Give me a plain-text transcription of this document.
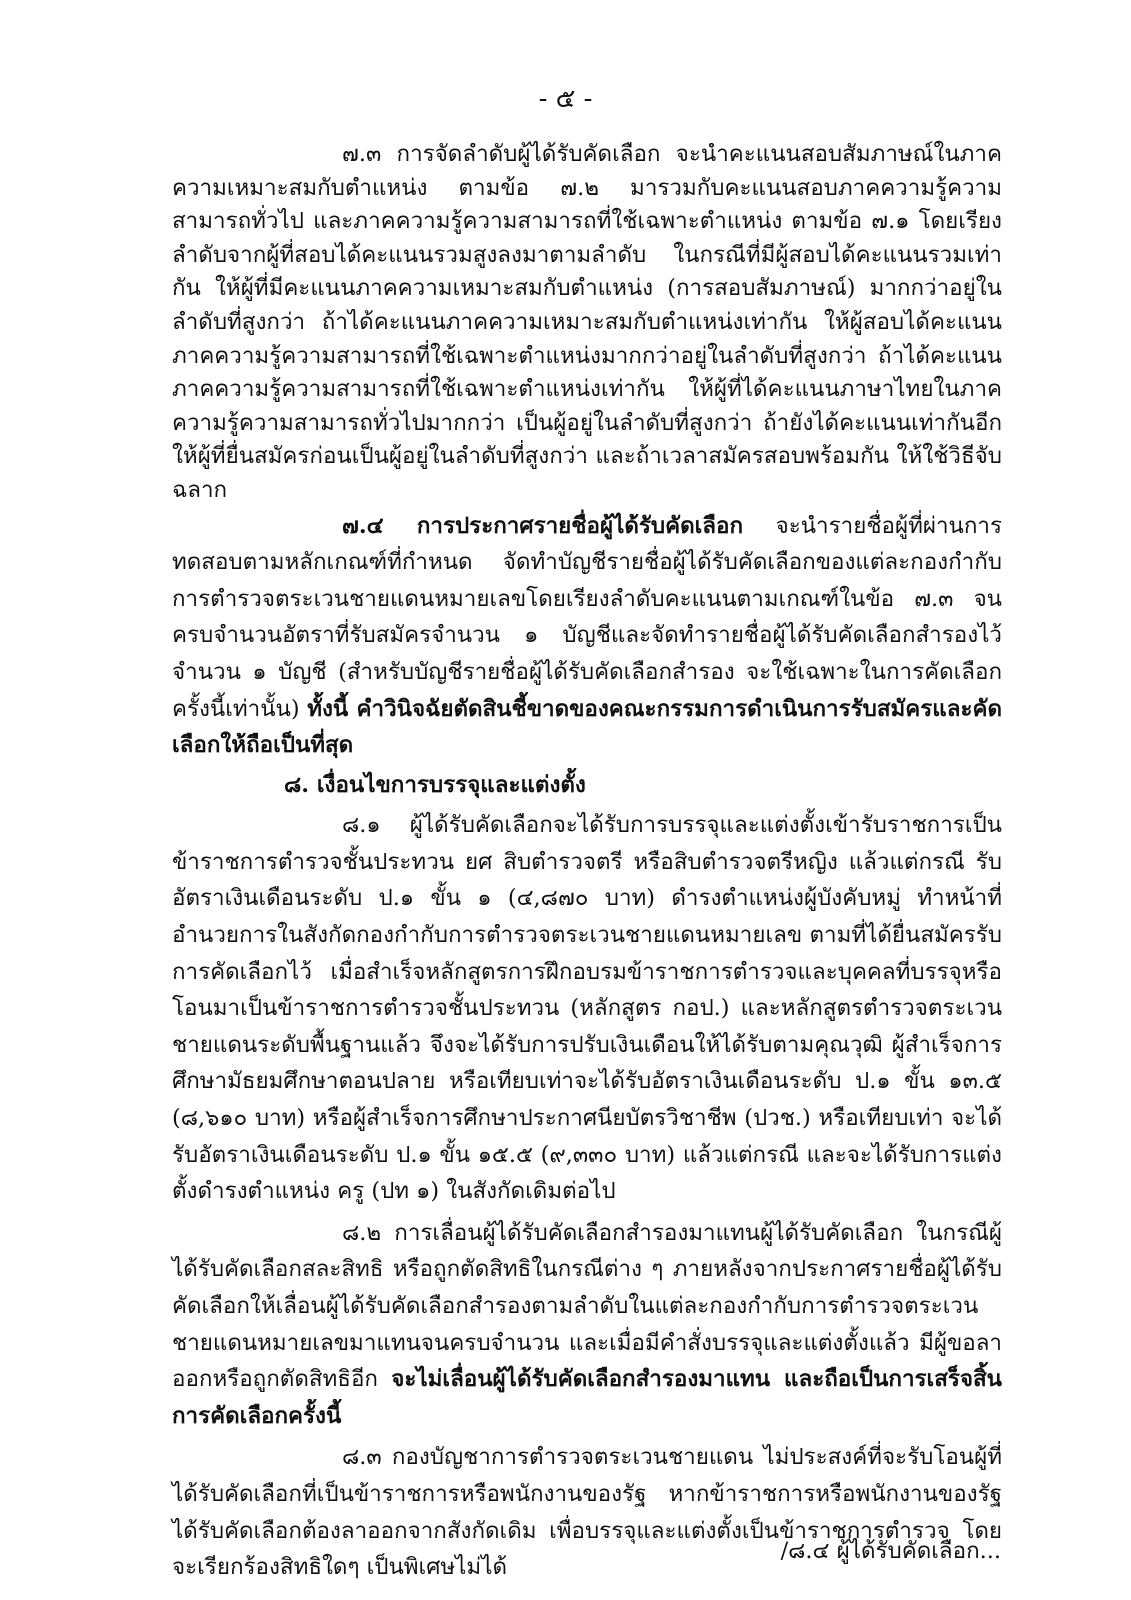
- ๕ -

๗.๓ การจัดลำดับผู้ได้รับคัดเลือก จะนำคะแนนสอบสัมภาษณ์ในภาคความเหมาะสมกับตำแหน่ง ตามข้อ ๗.๒ มารวมกับคะแนนสอบภาคความรู้ความสามารถทั่วไป และภาคความรู้ความสามารถที่ใช้เฉพาะตำแหน่ง ตามข้อ ๗.๑ โดยเรียงลำดับจากผู้ที่สอบได้คะแนนรวมสูงลงมาตามลำดับ ในกรณีที่มีผู้สอบได้คะแนนรวมเท่ากัน ให้ผู้ที่มีคะแนนภาคความเหมาะสมกับตำแหน่ง (การสอบสัมภาษณ์) มากกว่าอยู่ในลำดับที่สูงกว่า ถ้าได้คะแนนภาคความเหมาะสมกับตำแหน่งเท่ากัน ให้ผู้สอบได้คะแนนภาคความรู้ความสามารถที่ใช้เฉพาะตำแหน่งมากกว่าอยู่ในลำดับที่สูงกว่า ถ้าได้คะแนนภาคความรู้ความสามารถที่ใช้เฉพาะตำแหน่งเท่ากัน ให้ผู้ที่ได้คะแนนภาษาไทยในภาคความรู้ความสามารถทั่วไปมากกว่า เป็นผู้อยู่ในลำดับที่สูงกว่า ถ้ายังได้คะแนนเท่ากันอีก ให้ผู้ที่ยื่นสมัครก่อนเป็นผู้อยู่ในลำดับที่สูงกว่า และถ้าเวลาสมัครสอบพร้อมกัน ให้ใช้วิธีจับฉลาก

๗.๔ การประกาศรายชื่อผู้ได้รับคัดเลือก จะนำรายชื่อผู้ที่ผ่านการทดสอบตามหลักเกณฑ์ที่กำหนด จัดทำบัญชีรายชื่อผู้ได้รับคัดเลือกของแต่ละกองกำกับการตำรวจตระเวนชายแดนหมายเลขโดยเรียงลำดับคะแนนตามเกณฑ์ในข้อ ๗.๓ จนครบจำนวนอัตราที่รับสมัครจำนวน ๑ บัญชีและจัดทำรายชื่อผู้ได้รับคัดเลือกสำรองไว้ จำนวน ๑ บัญชี (สำหรับบัญชีรายชื่อผู้ได้รับคัดเลือกสำรอง จะใช้เฉพาะในการคัดเลือกครั้งนี้เท่านั้น) ทั้งนี้ คำวินิจฉัยตัดสินชี้ขาดของคณะกรรมการดำเนินการรับสมัครและคัดเลือกให้ถือเป็นที่สุด

๘. เงื่อนไขการบรรจุและแต่งตั้ง

๘.๑ ผู้ได้รับคัดเลือกจะได้รับการบรรจุและแต่งตั้งเข้ารับราชการเป็นข้าราชการตำรวจชั้นประทวน ยศ สิบตำรวจตรี หรือสิบตำรวจตรีหญิง แล้วแต่กรณี รับอัตราเงินเดือนระดับ ป.๑ ขั้น ๑ (๔,๘๗๐ บาท) ดำรงตำแหน่งผู้บังคับหมู่ ทำหน้าที่อำนวยการในสังกัดกองกำกับการตำรวจตระเวนชายแดนหมายเลข ตามที่ได้ยื่นสมัครรับการคัดเลือกไว้ เมื่อสำเร็จหลักสูตรการฝึกอบรมข้าราชการตำรวจและบุคคลที่บรรจุหรือโอนมาเป็นข้าราชการตำรวจชั้นประทวน (หลักสูตร กอป.) และหลักสูตรตำรวจตระเวนชายแดนระดับพื้นฐานแล้ว จึงจะได้รับการปรับเงินเดือนให้ได้รับตามคุณวุฒิ ผู้สำเร็จการศึกษามัธยมศึกษาตอนปลาย หรือเทียบเท่าจะได้รับอัตราเงินเดือนระดับ ป.๑ ขั้น ๑๓.๕ (๘,๖๑๐ บาท) หรือผู้สำเร็จการศึกษาประกาศนียบัตรวิชาชีพ (ปวช.) หรือเทียบเท่า จะได้รับอัตราเงินเดือนระดับ ป.๑ ขั้น ๑๕.๕ (๙,๓๓๐ บาท) แล้วแต่กรณี และจะได้รับการแต่งตั้งดำรงตำแหน่ง ครู (ปท ๑) ในสังกัดเดิมต่อไป

๘.๒ การเลื่อนผู้ได้รับคัดเลือกสำรองมาแทนผู้ได้รับคัดเลือก ในกรณีผู้ได้รับคัดเลือกสละสิทธิ หรือถูกตัดสิทธิในกรณีต่าง ๆ ภายหลังจากประกาศรายชื่อผู้ได้รับคัดเลือกให้เลื่อนผู้ได้รับคัดเลือกสำรองตามลำดับในแต่ละกองกำกับการตำรวจตระเวนชายแดนหมายเลขมาแทนจนครบจำนวน และเมื่อมีคำสั่งบรรจุและแต่งตั้งแล้ว มีผู้ขอลาออกหรือถูกตัดสิทธิอีก จะไม่เลื่อนผู้ได้รับคัดเลือกสำรองมาแทน และถือเป็นการเสร็จสิ้นการคัดเลือกครั้งนี้

๘.๓ กองบัญชาการตำรวจตระเวนชายแดน ไม่ประสงค์ที่จะรับโอนผู้ที่ได้รับคัดเลือกที่เป็นข้าราชการหรือพนักงานของรัฐ หากข้าราชการหรือพนักงานของรัฐได้รับคัดเลือกต้องลาออกจากสังกัดเดิม เพื่อบรรจุและแต่งตั้งเป็นข้าราชการตำรวจ โดยจะเรียกร้องสิทธิใดๆ เป็นพิเศษไม่ได้

/๘.๔ ผู้ได้รับคัดเลือก...
